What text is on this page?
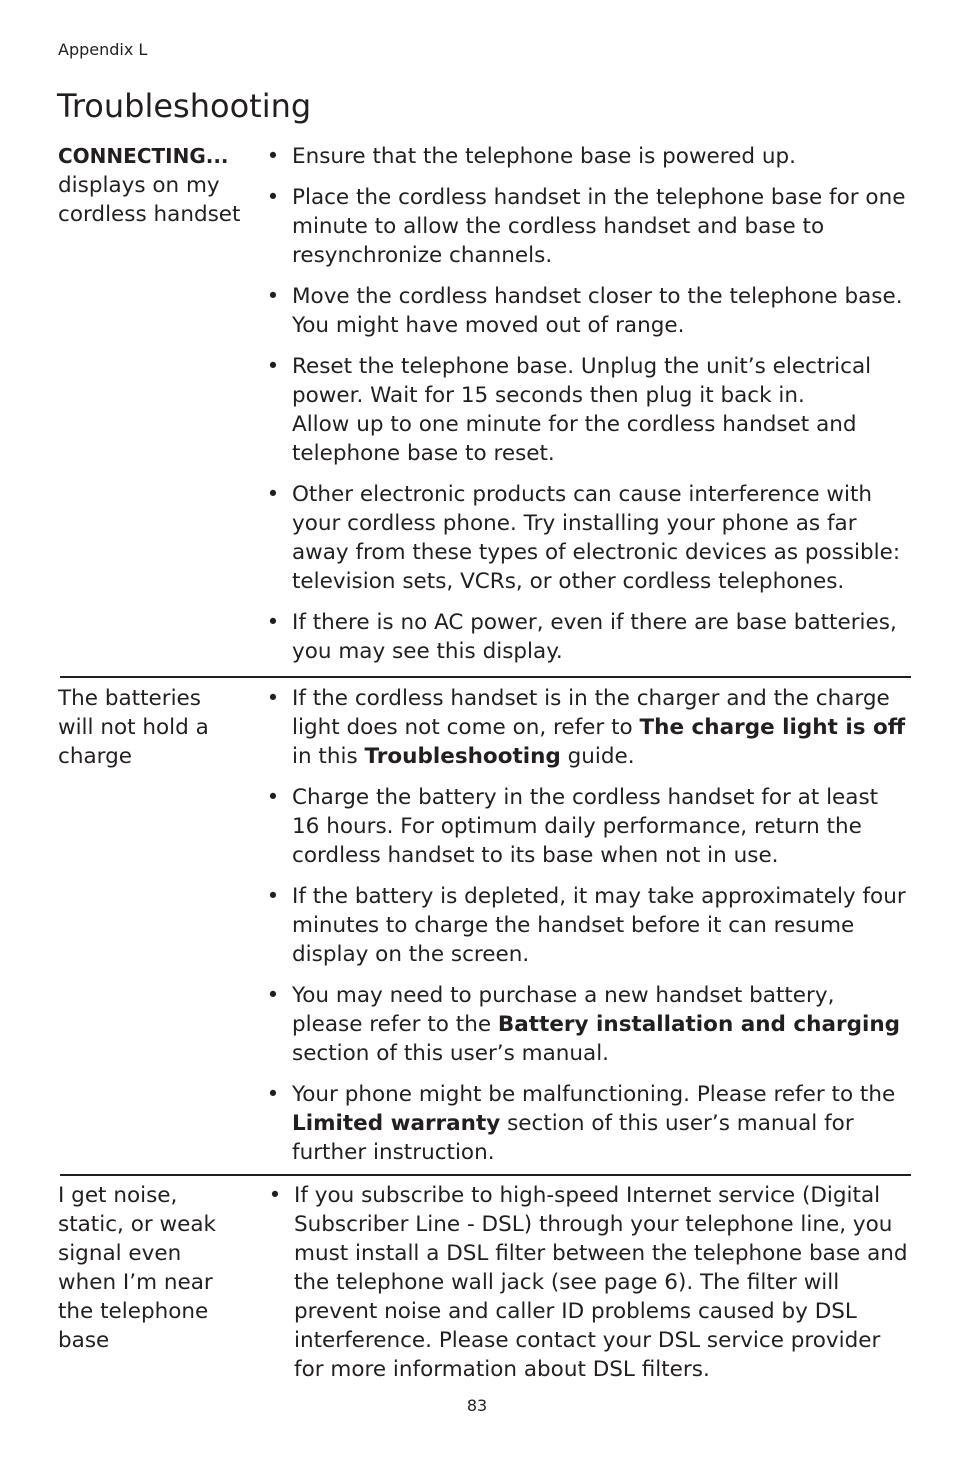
Appendix L
Troubleshooting
CONNECTING...
displays on my cordless handset
• Ensure that the telephone base is powered up.
• Place the cordless handset in the telephone base for one minute to allow the cordless handset and base to resynchronize channels.
• Move the cordless handset closer to the telephone base. You might have moved out of range.
• Reset the telephone base. Unplug the unit’s electrical power. Wait for 15 seconds then plug it back in.
Allow up to one minute for the cordless handset and telephone base to reset.
• Other electronic products can cause interference with your cordless phone. Try installing your phone as far away from these types of electronic devices as possible: television sets, VCRs, or other cordless telephones.
• If there is no AC power, even if there are base batteries, you may see this display.
The batteries will not hold a charge
• If the cordless handset is in the charger and the charge light does not come on, refer to The charge light is off in this Troubleshooting guide.
• Charge the battery in the cordless handset for at least 16 hours. For optimum daily performance, return the cordless handset to its base when not in use.
• If the battery is depleted, it may take approximately four minutes to charge the handset before it can resume display on the screen.
• You may need to purchase a new handset battery, please refer to the Battery installation and charging section of this user’s manual.
• Your phone might be malfunctioning. Please refer to the Limited warranty section of this user’s manual for further instruction.
I get noise, static, or weak signal even when I’m near the telephone base
• If you subscribe to high-speed Internet service (Digital Subscriber Line - DSL) through your telephone line, you must install a DSL filter between the telephone base and the telephone wall jack (see page 6). The filter will prevent noise and caller ID problems caused by DSL interference. Please contact your DSL service provider for more information about DSL filters.
83
